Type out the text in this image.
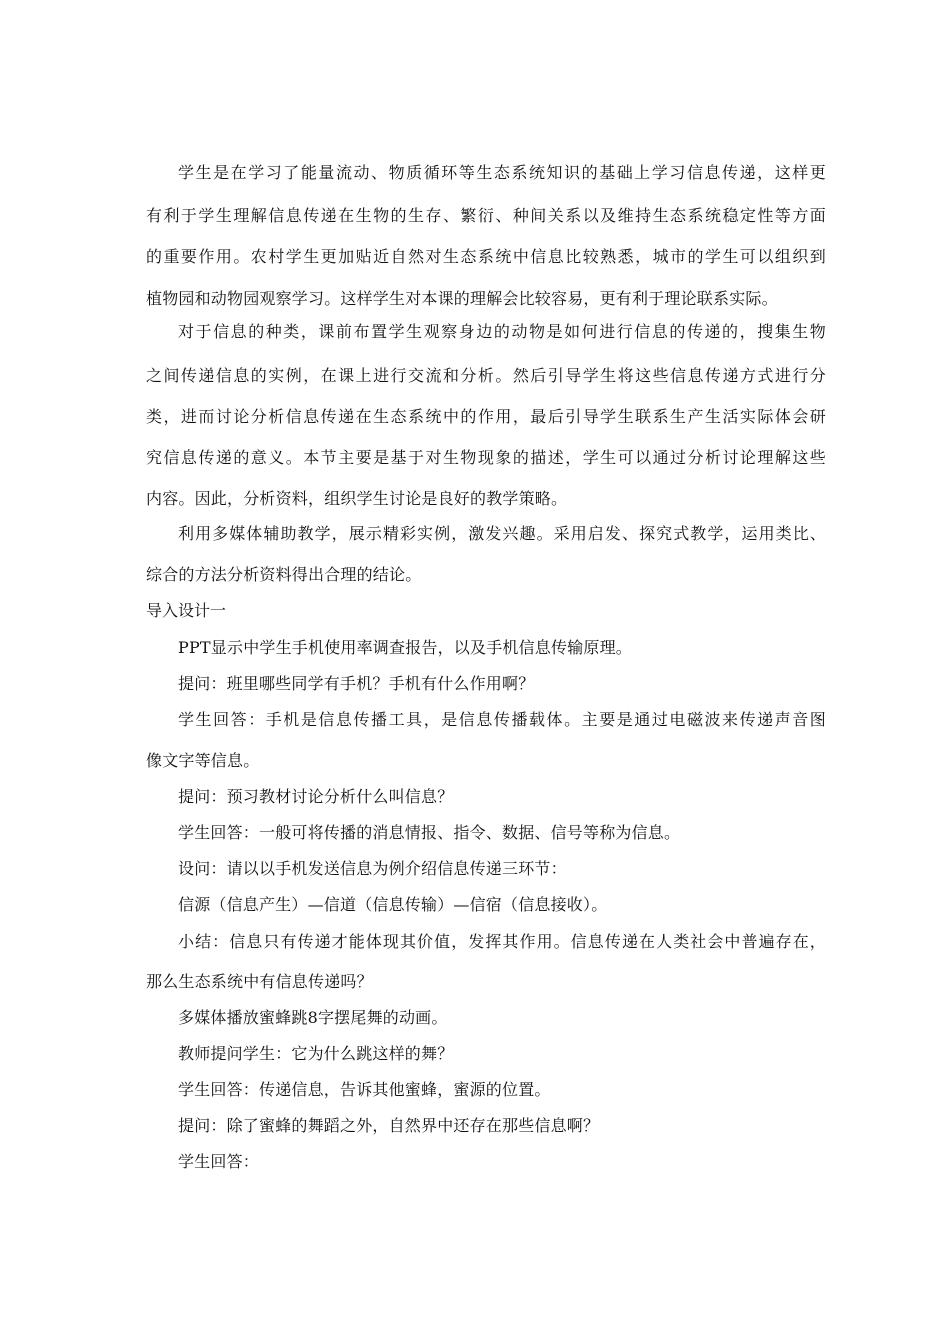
学生是在学习了能量流动、物质循环等生态系统知识的基础上学习信息传递，这样更
有利于学生理解信息传递在生物的生存、繁衍、种间关系以及维持生态系统稳定性等方面
的重要作用。农村学生更加贴近自然对生态系统中信息比较熟悉，城市的学生可以组织到
植物园和动物园观察学习。这样学生对本课的理解会比较容易，更有利于理论联系实际。
对于信息的种类，课前布置学生观察身边的动物是如何进行信息的传递的，搜集生物
之间传递信息的实例，在课上进行交流和分析。然后引导学生将这些信息传递方式进行分
类，进而讨论分析信息传递在生态系统中的作用，最后引导学生联系生产生活实际体会研
究信息传递的意义。本节主要是基于对生物现象的描述，学生可以通过分析讨论理解这些
内容。因此，分析资料，组织学生讨论是良好的教学策略。
利用多媒体辅助教学，展示精彩实例，激发兴趣。采用启发、探究式教学，运用类比、
综合的方法分析资料得出合理的结论。
导入设计一
PPT显示中学生手机使用率调查报告，以及手机信息传输原理。
提问：班里哪些同学有手机？手机有什么作用啊？
学生回答：手机是信息传播工具，是信息传播载体。主要是通过电磁波来传递声音图
像文字等信息。
提问：预习教材讨论分析什么叫信息？
学生回答：一般可将传播的消息情报、指令、数据、信号等称为信息。
设问：请以以手机发送信息为例介绍信息传递三环节：
信源（信息产生）—信道（信息传输）—信宿（信息接收）。
小结：信息只有传递才能体现其价值，发挥其作用。信息传递在人类社会中普遍存在，
那么生态系统中有信息传递吗？
多媒体播放蜜蜂跳8字摆尾舞的动画。
教师提问学生：它为什么跳这样的舞？
学生回答：传递信息，告诉其他蜜蜂，蜜源的位置。
提问：除了蜜蜂的舞蹈之外，自然界中还存在那些信息啊？
学生回答：
